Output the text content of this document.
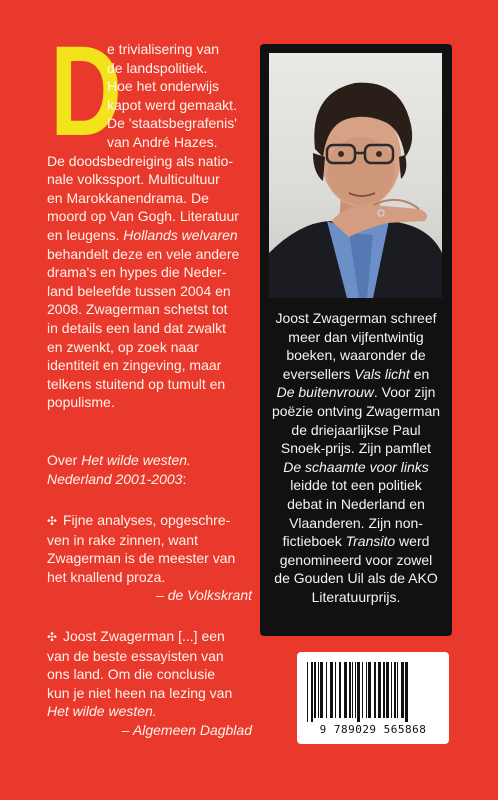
D
e trivialisering van
de landspolitiek.
Hoe het onderwijs
kapot werd gemaakt.
De 'staatsbegrafenis'
van André Hazes.
De doodsbedreiging als natio-
nale volkssport. Multicultuur
en Marokkanendrama. De
moord op Van Gogh. Literatuur
en leugens. Hollands welvaren
behandelt deze en vele andere
drama's en hypes die Neder-
land beleefde tussen 2004 en
2008. Zwagerman schetst tot
in details een land dat zwalkt
en zwenkt, op zoek naar
identiteit en zingeving, maar
telkens stuitend op tumult en
populisme.
Over Het wilde westen.
Nederland 2001-2003:
✣ Fijne analyses, opgeschre-
ven in rake zinnen, want
Zwagerman is de meester van
het knallend proza.
– de Volkskrant
✣ Joost Zwagerman [...] een
van de beste essayisten van
ons land. Om die conclusie
kun je niet heen na lezing van
Het wilde westen.
– Algemeen Dagblad
Joost Zwagerman schreef
meer dan vijfentwintig
boeken, waaronder de
eversellers Vals licht en
De buitenvrouw. Voor zijn
poëzie ontving Zwagerman
de driejaarlijkse Paul
Snoek-prijs. Zijn pamflet
De schaamte voor links
leidde tot een politiek
debat in Nederland en
Vlaanderen. Zijn non-
fictieboek Transito werd
genomineerd voor zowel
de Gouden Uil als de AKO
Literatuurprijs.
9 789029 565868
